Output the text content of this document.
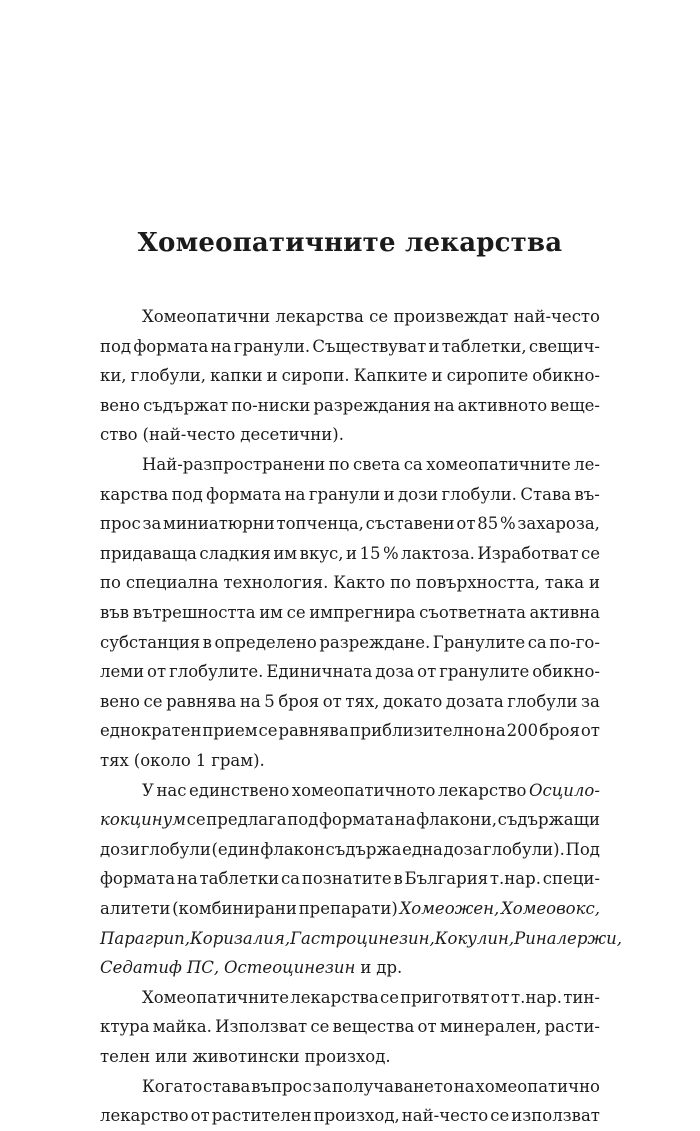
Хомеопатичните лекарства
Хомеопатични лекарства се произвеждат най-често
под формата на гранули. Съществуват и таблетки, свещич-
ки, глобули, капки и сиропи. Капките и сиропите обикно-
вено съдържат по-ниски разреждания на активното веще-
ство (най-често десетични).
Най-разпространени по света са хомеопатичните ле-
карства под формата на гранули и дози глобули. Става въ-
прос за миниатюрни топченца, съставени от 85 % захароза,
придаваща сладкия им вкус, и 15 % лактоза. Изработват се
по специална технология. Както по повърхността, така и
във вътрешността им се импрегнира съответната активна
субстанция в определено разреждане. Гранулите са по-го-
леми от глобулите. Единичната доза от гранулите обикно-
вено се равнява на 5 броя от тях, докато дозата глобули за
еднократен прием се равнява приблизително на 200 броя от
тях (около 1 грам).
У нас единствено хомеопатичното лекарство Осцило-
кокцинум се предлага под формата на флакони, съдържащи
дози глобули (един флакон съдържа една доза глобули). Под
формата на таблетки са познатите в България т.нар. специ-
алитети (комбинирани препарати) Хомеожен, Хомеовокс,
Парагрип, Коризалия, Гастроцинезин, Кокулин, Риналержи,
Седатиф ПС, Остеоцинезин и др.
Хомеопатичните лекарства се приготвят от т.нар. тин-
ктура майка. Използват се вещества от минерален, расти-
телен или животински произход.
Когато става въпрос за получаването на хомеопатично
лекарство от растителен произход, най-често се използват
